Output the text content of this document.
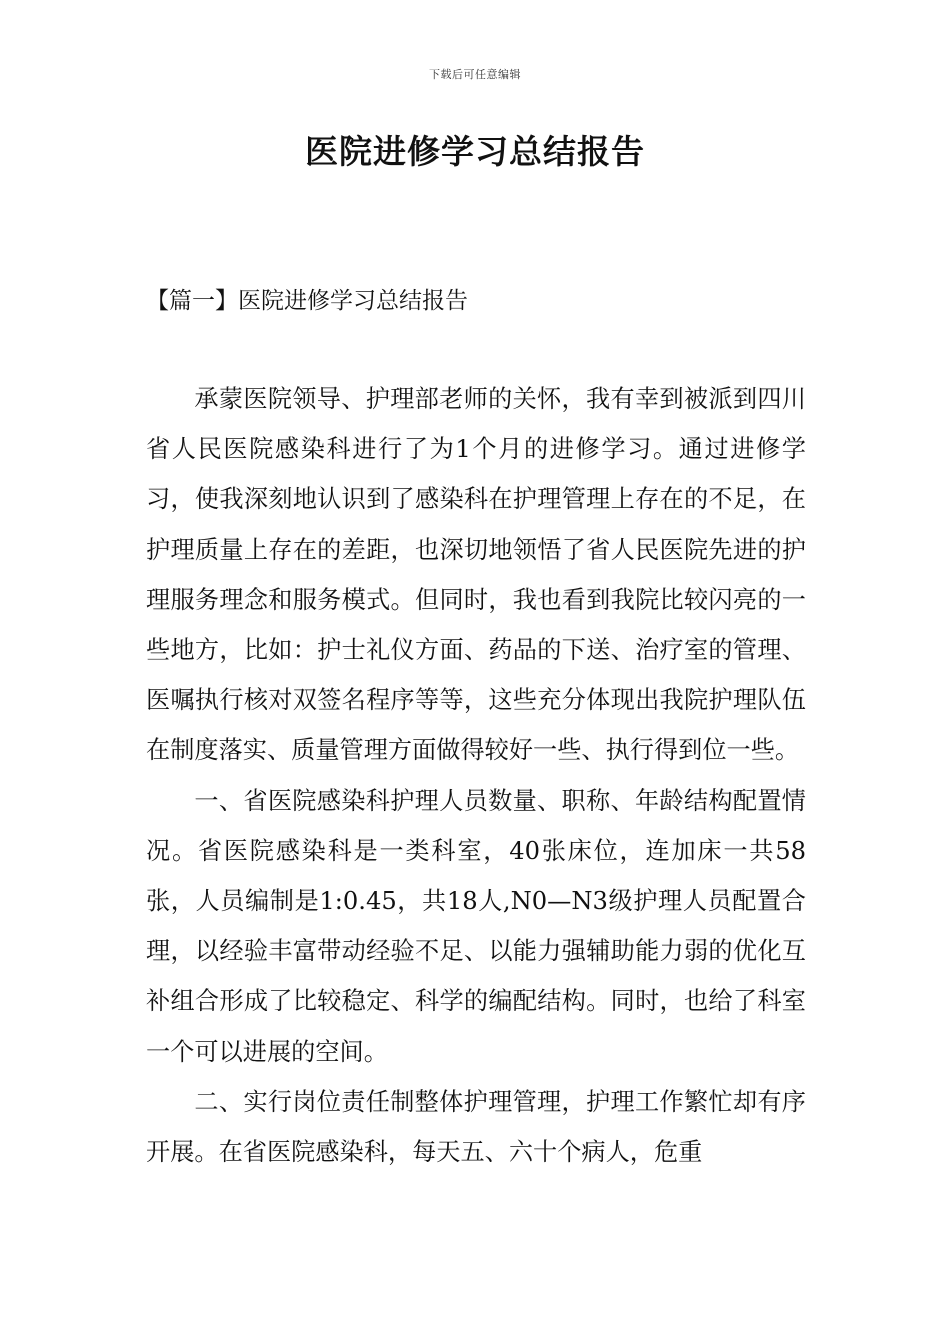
下载后可任意编辑
医院进修学习总结报告
【篇一】医院进修学习总结报告

承蒙医院领导、护理部老师的关怀，我有幸到被派到四川省人民医院感染科进行了为1个月的进修学习。通过进修学习，使我深刻地认识到了感染科在护理管理上存在的不足，在护理质量上存在的差距，也深切地领悟了省人民医院先进的护理服务理念和服务模式。但同时，我也看到我院比较闪亮的一些地方，比如：护士礼仪方面、药品的下送、治疗室的管理、医嘱执行核对双签名程序等等，这些充分体现出我院护理队伍在制度落实、质量管理方面做得较好一些、执行得到位一些。

一、省医院感染科护理人员数量、职称、年龄结构配置情况。省医院感染科是一类科室，40张床位，连加床一共58张，人员编制是1:0.45，共18人,N0—N3级护理人员配置合理，以经验丰富带动经验不足、以能力强辅助能力弱的优化互补组合形成了比较稳定、科学的编配结构。同时，也给了科室一个可以进展的空间。

二、实行岗位责任制整体护理管理，护理工作繁忙却有序开展。在省医院感染科，每天五、六十个病人，危重
